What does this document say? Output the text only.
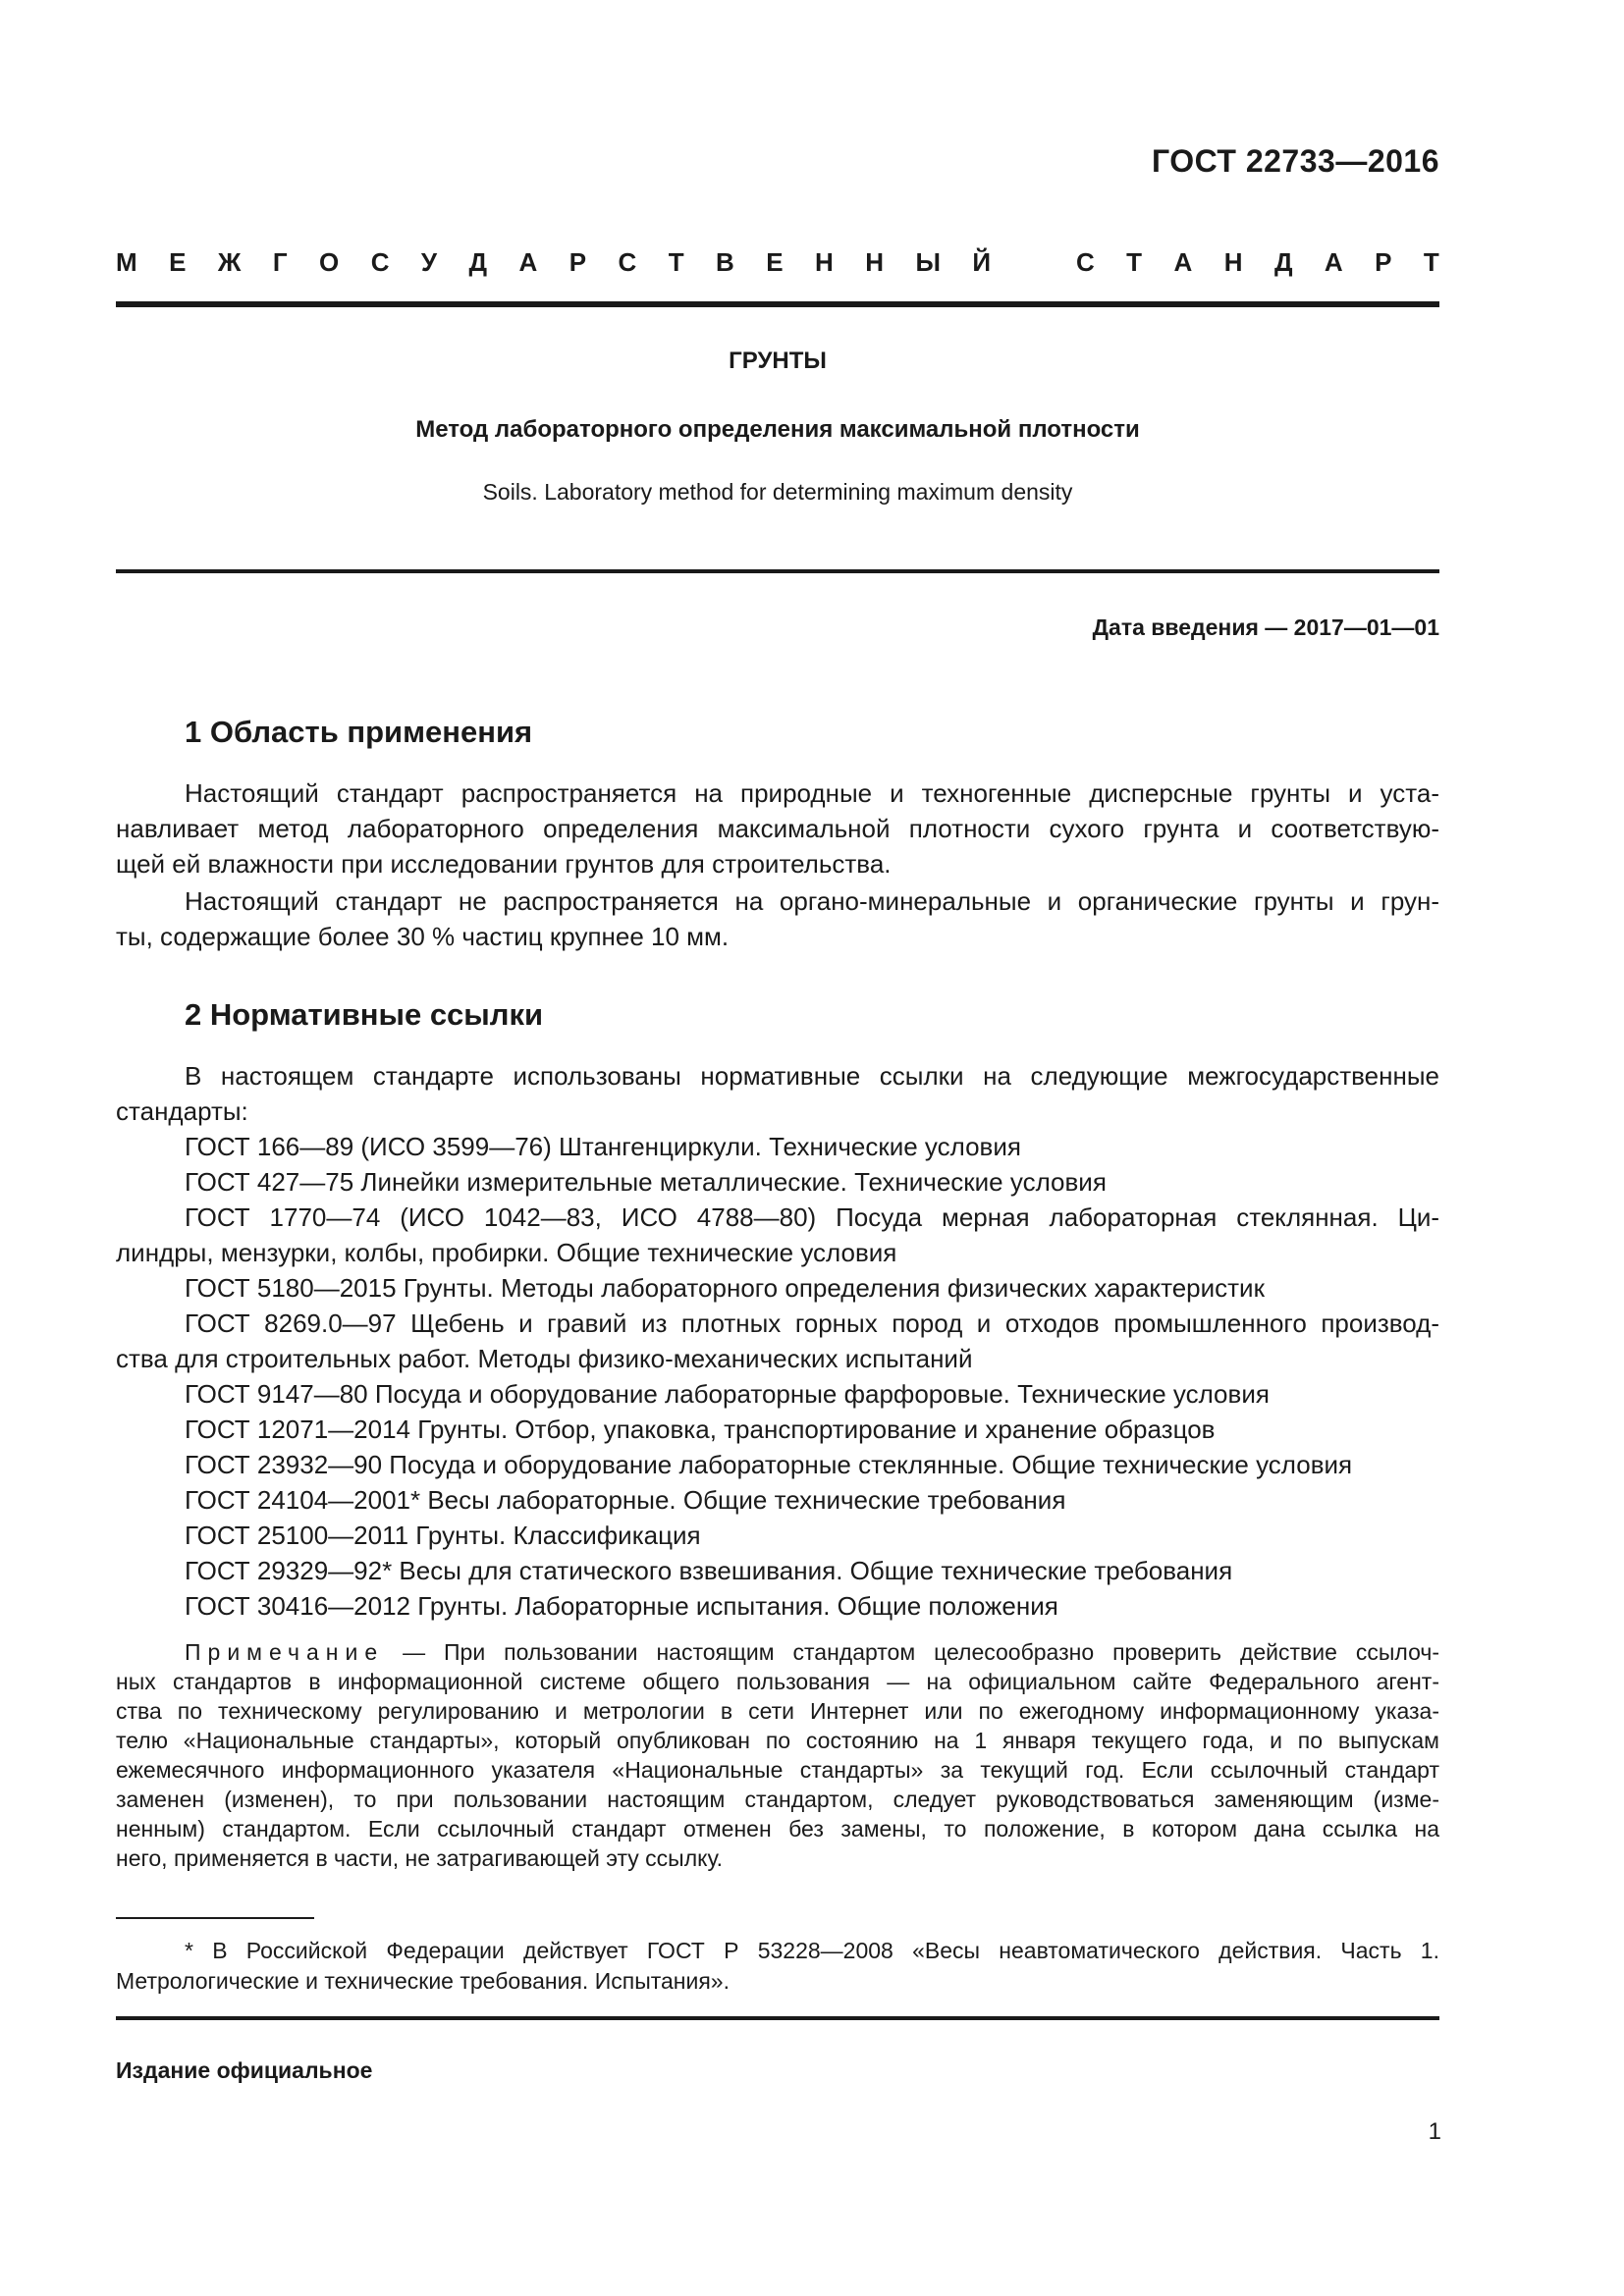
ГОСТ 22733—2016
М Е Ж Г О С У Д А Р С Т В Е Н Н Ы Й	С Т А Н Д А Р Т
ГРУНТЫ
Метод лабораторного определения максимальной плотности
Soils. Laboratory method for determining maximum density
Дата введения — 2017—01—01
1 Область применения
Настоящий стандарт распространяется на природные и техногенные дисперсные грунты и уста-
навливает метод лабораторного определения максимальной плотности сухого грунта и соответствую-
щей ей влажности при исследовании грунтов для строительства.
Настоящий стандарт не распространяется на органо-минеральные и органические грунты и грун-
ты, содержащие более 30 % частиц крупнее 10 мм.
2 Нормативные ссылки
В настоящем стандарте использованы нормативные ссылки на следующие межгосударственные
стандарты:
ГОСТ 166—89 (ИСО 3599—76) Штангенциркули. Технические условия
ГОСТ 427—75 Линейки измерительные металлические. Технические условия
ГОСТ 1770—74 (ИСО 1042—83, ИСО 4788—80) Посуда мерная лабораторная стеклянная. Ци-
линдры, мензурки, колбы, пробирки. Общие технические условия
ГОСТ 5180—2015 Грунты. Методы лабораторного определения физических характеристик
ГОСТ 8269.0—97 Щебень и гравий из плотных горных пород и отходов промышленного производ-
ства для строительных работ. Методы физико-механических испытаний
ГОСТ 9147—80 Посуда и оборудование лабораторные фарфоровые. Технические условия
ГОСТ 12071—2014 Грунты. Отбор, упаковка, транспортирование и хранение образцов
ГОСТ 23932—90 Посуда и оборудование лабораторные стеклянные. Общие технические условия
ГОСТ 24104—2001* Весы лабораторные. Общие технические требования
ГОСТ 25100—2011 Грунты. Классификация
ГОСТ 29329—92* Весы для статического взвешивания. Общие технические требования
ГОСТ 30416—2012 Грунты. Лабораторные испытания. Общие положения
Примечание — При пользовании настоящим стандартом целесообразно проверить действие ссылоч-
ных стандартов в информационной системе общего пользования — на официальном сайте Федерального агент-
ства по техническому регулированию и метрологии в сети Интернет или по ежегодному информационному указа-
телю «Национальные стандарты», который опубликован по состоянию на 1 января текущего года, и по выпускам
ежемесячного информационного указателя «Национальные стандарты» за текущий год. Если ссылочный стандарт
заменен (изменен), то при пользовании настоящим стандартом, следует руководствоваться заменяющим (изме-
ненным) стандартом. Если ссылочный стандарт отменен без замены, то положение, в котором дана ссылка на
него, применяется в части, не затрагивающей эту ссылку.
* В Российской Федерации действует ГОСТ Р 53228—2008 «Весы неавтоматического действия. Часть 1.
Метрологические и технические требования. Испытания».
Издание официальное
1
